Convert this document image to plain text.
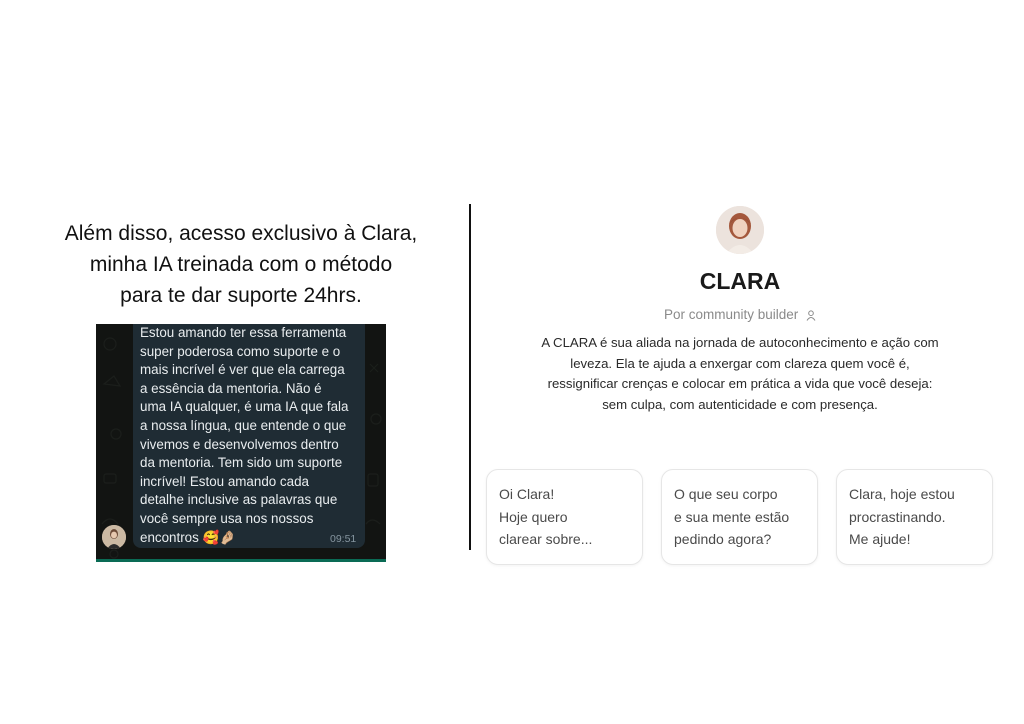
Além disso, acesso exclusivo à Clara,
minha IA treinada com o método
para te dar suporte 24hrs.
Estou amando ter essa ferramenta
super poderosa como suporte e o
mais incrível é ver que ela carrega
a essência da mentoria. Não é
uma IA qualquer, é uma IA que fala
a nossa língua, que entende o que
vivemos e desenvolvemos dentro
da mentoria. Tem sido um suporte
incrível! Estou amando cada
detalhe inclusive as palavras que
você sempre usa nos nossos
encontros 🥰🤌🏼	09:51
CLARA
Por community builder
A CLARA é sua aliada na jornada de autoconhecimento e ação com
leveza. Ela te ajuda a enxergar com clareza quem você é,
ressignificar crenças e colocar em prática a vida que você deseja:
sem culpa, com autenticidade e com presença.
Oi Clara!
Hoje quero
clarear sobre...
O que seu corpo
e sua mente estão
pedindo agora?
Clara, hoje estou
procrastinando.
Me ajude!
